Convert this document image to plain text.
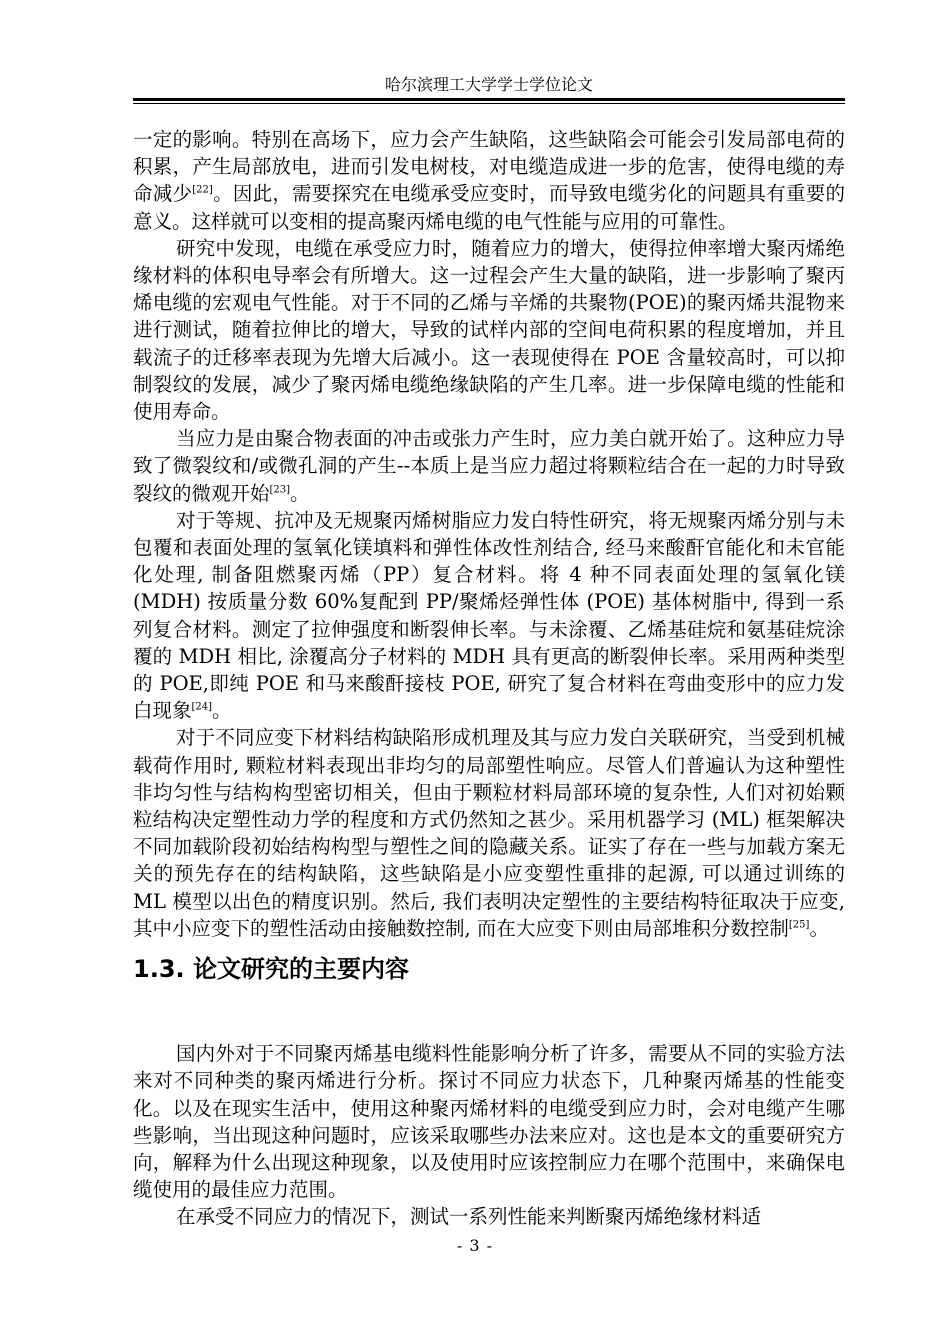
哈尔滨理工大学学士学位论文

一定的影响。特别在高场下，应力会产生缺陷，这些缺陷会可能会引发局部电荷的积累，产生局部放电，进而引发电树枝，对电缆造成进一步的危害，使得电缆的寿命减少[22]。因此，需要探究在电缆承受应变时，而导致电缆劣化的问题具有重要的意义。这样就可以变相的提高聚丙烯电缆的电气性能与应用的可靠性。

研究中发现，电缆在承受应力时，随着应力的增大，使得拉伸率增大聚丙烯绝缘材料的体积电导率会有所增大。这一过程会产生大量的缺陷，进一步影响了聚丙烯电缆的宏观电气性能。对于不同的乙烯与辛烯的共聚物(POE)的聚丙烯共混物来进行测试，随着拉伸比的增大，导致的试样内部的空间电荷积累的程度增加，并且载流子的迁移率表现为先增大后减小。这一表现使得在 POE 含量较高时，可以抑制裂纹的发展，减少了聚丙烯电缆绝缘缺陷的产生几率。进一步保障电缆的性能和使用寿命。

当应力是由聚合物表面的冲击或张力产生时，应力美白就开始了。这种应力导致了微裂纹和/或微孔洞的产生--本质上是当应力超过将颗粒结合在一起的力时导致裂纹的微观开始[23]。

对于等规、抗冲及无规聚丙烯树脂应力发白特性研究，将无规聚丙烯分别与未包覆和表面处理的氢氧化镁填料和弹性体改性剂结合, 经马来酸酐官能化和未官能化处理, 制备阻燃聚丙烯（PP）复合材料。将 4 种不同表面处理的氢氧化镁 (MDH) 按质量分数 60%复配到 PP/聚烯烃弹性体 (POE) 基体树脂中, 得到一系列复合材料。测定了拉伸强度和断裂伸长率。与未涂覆、乙烯基硅烷和氨基硅烷涂覆的 MDH 相比, 涂覆高分子材料的 MDH 具有更高的断裂伸长率。采用两种类型的 POE,即纯 POE 和马来酸酐接枝 POE, 研究了复合材料在弯曲变形中的应力发白现象[24]。

对于不同应变下材料结构缺陷形成机理及其与应力发白关联研究，当受到机械载荷作用时, 颗粒材料表现出非均匀的局部塑性响应。尽管人们普遍认为这种塑性非均匀性与结构构型密切相关，但由于颗粒材料局部环境的复杂性, 人们对初始颗粒结构决定塑性动力学的程度和方式仍然知之甚少。采用机器学习 (ML) 框架解决不同加载阶段初始结构构型与塑性之间的隐藏关系。证实了存在一些与加载方案无关的预先存在的结构缺陷，这些缺陷是小应变塑性重排的起源, 可以通过训练的 ML 模型以出色的精度识别。然后, 我们表明决定塑性的主要结构特征取决于应变, 其中小应变下的塑性活动由接触数控制, 而在大应变下则由局部堆积分数控制[25]。

1.3. 论文研究的主要内容

国内外对于不同聚丙烯基电缆料性能影响分析了许多，需要从不同的实验方法来对不同种类的聚丙烯进行分析。探讨不同应力状态下，几种聚丙烯基的性能变化。以及在现实生活中，使用这种聚丙烯材料的电缆受到应力时，会对电缆产生哪些影响，当出现这种问题时，应该采取哪些办法来应对。这也是本文的重要研究方向，解释为什么出现这种现象，以及使用时应该控制应力在哪个范围中，来确保电缆使用的最佳应力范围。

在承受不同应力的情况下，测试一系列性能来判断聚丙烯绝缘材料适

- 3 -
